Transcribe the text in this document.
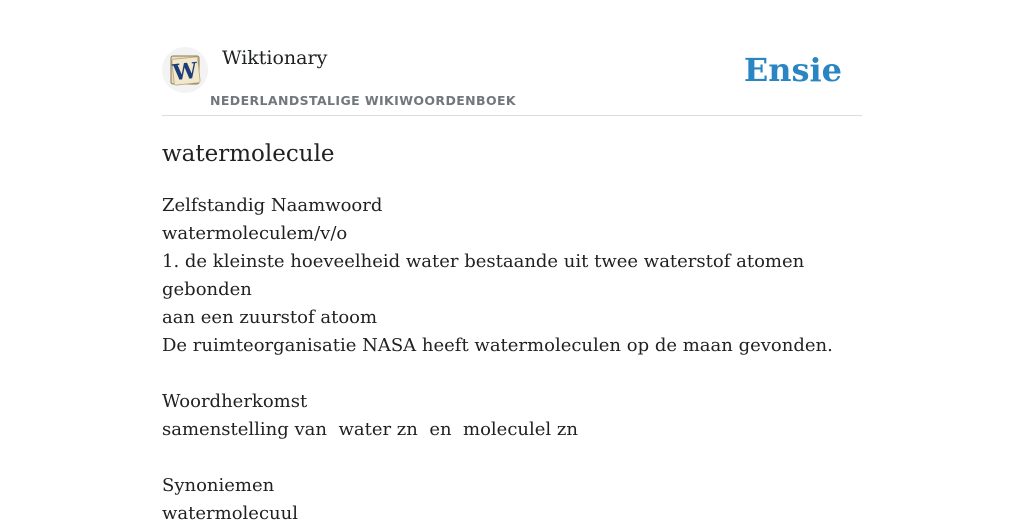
W Wiktionary
NEDERLANDSTALIGE WIKIWOORDENBOEK
Ensie
watermolecule
Zelfstandig Naamwoord
watermoleculem/v/o
1. de kleinste hoeveelheid water bestaande uit twee waterstof atomen gebonden
aan een zuurstof atoom
De ruimteorganisatie NASA heeft watermoleculen op de maan gevonden.
Woordherkomst
samenstelling van  water zn  en  moleculel zn
Synoniemen
watermolecuul
